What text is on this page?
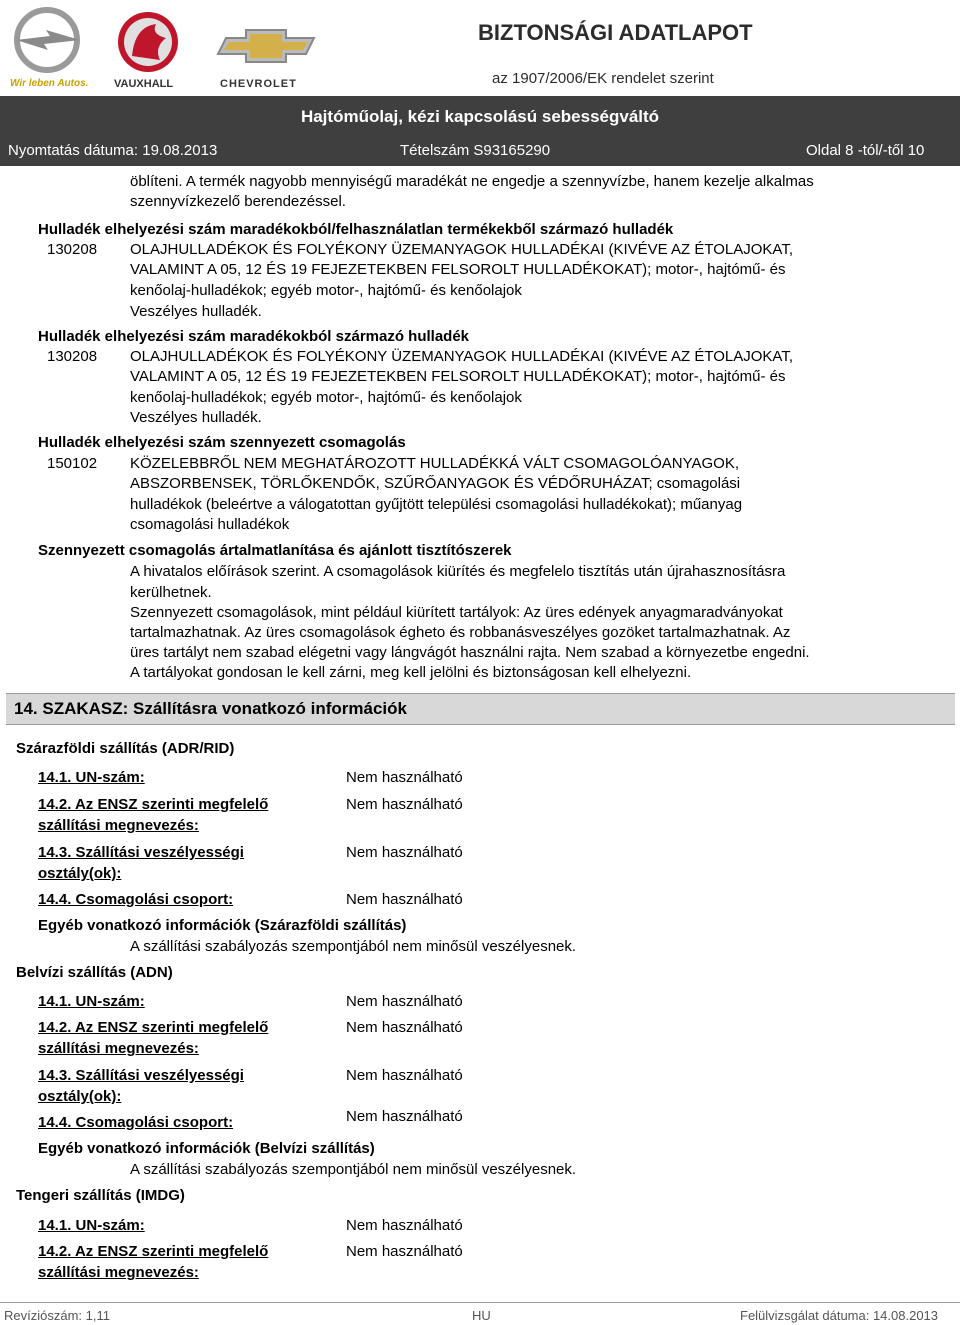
Wir leben Autos. VAUXHALL	CHEVROLET
BIZTONSÁGI ADATLAPOT
az 1907/2006/EK rendelet szerint
Hajtóműolaj, kézi kapcsolású sebességváltó
Nyomtatás dátuma: 19.08.2013	Tételszám S93165290	Oldal 8 -tól/-től 10
öblíteni. A termék nagyobb mennyiségű maradékát ne engedje a szennyvízbe, hanem kezelje alkalmas
szennyvízkezelő berendezéssel.
Hulladék elhelyezési szám maradékokból/felhasználatlan termékekből származó hulladék
130208 OLAJHULLADÉKOK ÉS FOLYÉKONY ÜZEMANYAGOK HULLADÉKAI (KIVÉVE AZ ÉTOLAJOKAT,
VALAMINT A 05, 12 ÉS 19 FEJEZETEKBEN FELSOROLT HULLADÉKOKAT); motor-, hajtómű- és
kenőolaj-hulladékok; egyéb motor-, hajtómű- és kenőolajok
Veszélyes hulladék.
Hulladék elhelyezési szám maradékokból származó hulladék
130208 OLAJHULLADÉKOK ÉS FOLYÉKONY ÜZEMANYAGOK HULLADÉKAI (KIVÉVE AZ ÉTOLAJOKAT,
VALAMINT A 05, 12 ÉS 19 FEJEZETEKBEN FELSOROLT HULLADÉKOKAT); motor-, hajtómű- és
kenőolaj-hulladékok; egyéb motor-, hajtómű- és kenőolajok
Veszélyes hulladék.
Hulladék elhelyezési szám szennyezett csomagolás
150102 KÖZELEBBRŐL NEM MEGHATÁROZOTT HULLADÉKKÁ VÁLT CSOMAGOLÓANYAGOK,
ABSZORBENSEK, TÖRLŐKENDŐK, SZŰRŐANYAGOK ÉS VÉDŐRUHÁZAT; csomagolási
hulladékok (beleértve a válogatottan gyűjtött települési csomagolási hulladékokat); műanyag
csomagolási hulladékok
Szennyezett csomagolás ártalmatlanítása és ajánlott tisztítószerek
A hivatalos előírások szerint. A csomagolások kiürítés és megfelelo tisztítás után újrahasznosításra
kerülhetnek.
Szennyezett csomagolások, mint például kiürített tartályok: Az üres edények anyagmaradványokat
tartalmazhatnak. Az üres csomagolások égheto és robbanásveszélyes gozöket tartalmazhatnak. Az
üres tartályt nem szabad elégetni vagy lángvágót használni rajta. Nem szabad a környezetbe engedni.
A tartályokat gondosan le kell zárni, meg kell jelölni és biztonságosan kell elhelyezni.
14. SZAKASZ: Szállításra vonatkozó információk
Szárazföldi szállítás (ADR/RID)
14.1. UN-szám:	Nem használható
14.2. Az ENSZ szerinti megfelelő
szállítási megnevezés:
Nem használható
14.3. Szállítási veszélyességi
osztály(ok):
Nem használható
14.4. Csomagolási csoport:	Nem használható
Egyéb vonatkozó információk (Szárazföldi szállítás)
A szállítási szabályozás szempontjából nem minősül veszélyesnek.
Belvízi szállítás (ADN)
14.1. UN-szám:	Nem használható
14.2. Az ENSZ szerinti megfelelő
szállítási megnevezés:
Nem használható
14.3. Szállítási veszélyességi
osztály(ok):
Nem használható
14.4. Csomagolási csoport:	Nem használható
Egyéb vonatkozó információk (Belvízi szállítás)
A szállítási szabályozás szempontjából nem minősül veszélyesnek.
Tengeri szállítás (IMDG)
14.1. UN-szám:	Nem használható
14.2. Az ENSZ szerinti megfelelő
szállítási megnevezés:
Nem használható
Revíziószám: 1,11	HU	Felülvizsgálat dátuma: 14.08.2013
